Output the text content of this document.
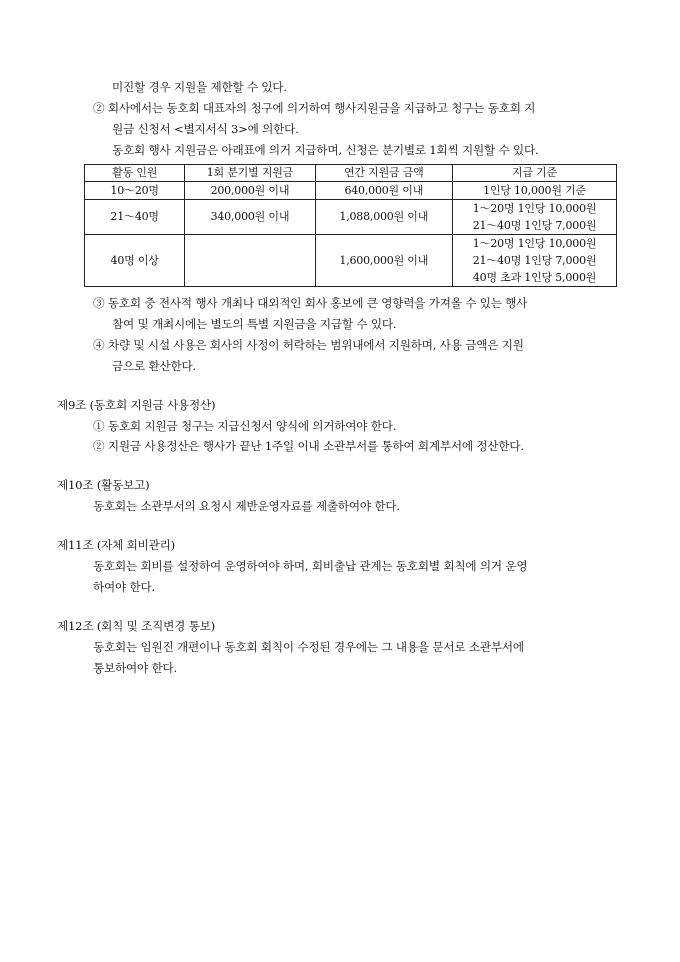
미진할 경우 지원을 제한할 수 있다.
② 회사에서는 동호회 대표자의 청구에 의거하여 행사지원금을 지급하고 청구는 동호회 지
원금 신청서 <별지서식 3>에 의한다.
동호회 행사 지원금은 아래표에 의거 지급하며, 신청은 분기별로 1회씩 지원할 수 있다.
활동 인원	1회 분기별 지원금	연간 지원금 금액	지급 기준
10～20명	200,000원 이내	640,000원 이내	1인당 10,000원 기준

21～40명	340,000원 이내	1,088,000원 이내	1～20명 1인당 10,000원
21～40명 1인당 7,000원

40명 이상		1,600,000원 이내	1～20명 1인당 10,000원
21～40명 1인당 7,000원
40명 초과 1인당 5,000원
③ 동호회 중 전사적 행사 개최나 대외적인 회사 홍보에 큰 영향력을 가져올 수 있는 행사
참여 및 개최시에는 별도의 특별 지원금을 지급할 수 있다.
④ 차량 및 시설 사용은 회사의 사정이 허락하는 범위내에서 지원하며, 사용 금액은 지원
금으로 환산한다.
제9조 (동호회 지원금 사용정산)
① 동호회 지원금 청구는 지급신청서 양식에 의거하여야 한다.
② 지원금 사용정산은 행사가 끝난 1주일 이내 소관부서를 통하여 회계부서에 정산한다.
제10조 (활동보고)
동호회는 소관부서의 요청시 제반운영자료를 제출하여야 한다.
제11조 (자체 회비관리)
동호회는 회비를 설정하여 운영하여야 하며, 회비출납 관계는 동호회별 회칙에 의거 운영
하여야 한다.
제12조 (회칙 및 조직변경 통보)
동호회는 임원진 개편이나 동호회 회칙이 수정된 경우에는 그 내용을 문서로 소관부서에
통보하여야 한다.
